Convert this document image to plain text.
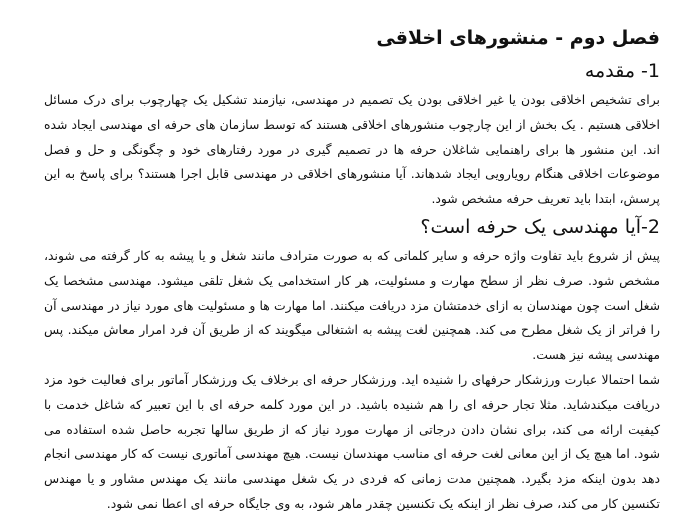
فصل دوم - منشورهای اخلاقی
1- مقدمه

برای تشخیص اخلاقی بودن یا غیر اخلاقی بودن یک تصمیم در مهندسی، نیازمند تشکیل یک چهارچوب برای درک مسائل اخلاقی هستیم . یک بخش از این چارچوب منشورهای اخلاقی هستند که توسط سازمان های حرفه ای مهندسی ایجاد شده اند. این منشور ها برای راهنمایی شاغلان حرفه ها در تصمیم گیری در مورد رفتارهای خود و چگونگی و حل و فصل موضوعات اخلاقی هنگام رویارویی ایجاد شدهاند. آیا منشورهای اخلاقی در مهندسی قابل اجرا هستند؟ برای پاسخ به این پرسش، ابتدا باید تعریف حرفه مشخص شود.

2-آیا مهندسی یک حرفه است؟

پیش از شروع باید تفاوت واژه حرفه و سایر کلماتی که به صورت مترادف مانند شغل و یا پیشه به کار گرفته می شوند، مشخص شود. صرف نظر از سطح مهارت و مسئولیت، هر کار استخدامی یک شغل تلقی میشود. مهندسی مشخصا یک شغل است چون مهندسان به ازای خدمتشان مزد دریافت میکنند. اما مهارت ها و مسئولیت های مورد نیاز در مهندسی آن را فراتر از یک شغل مطرح می کند. همچنین لغت پیشه به اشتغالی میگویند که از طریق آن فرد امرار معاش میکند. پس مهندسی پیشه نیز هست.

شما احتمالا عبارت ورزشکار حرفهای را شنیده اید. ورزشکار حرفه ای برخلاف یک ورزشکار آماتور برای فعالیت خود مزد دریافت میکندشاید. مثلا تجار حرفه ای را هم شنیده باشید. در این مورد کلمه حرفه ای با این تعبیر که شاغل خدمت با کیفیت ارائه می کند، برای نشان دادن درجاتی از مهارت مورد نیاز که از طریق سالها تجربه حاصل شده استفاده می شود. اما هیچ یک از این معانی لغت حرفه ای مناسب مهندسان نیست. هیچ مهندسی آماتوری نیست که کار مهندسی انجام دهد بدون اینکه مزد بگیرد. همچنین مدت زمانی که فردی در یک شغل مهندسی مانند یک مهندس مشاور و یا مهندس تکنسین کار می کند، صرف نظر از اینکه یک تکنسین چقدر ماهر شود، به وی جایگاه حرفه ای اعطا نمی شود.
